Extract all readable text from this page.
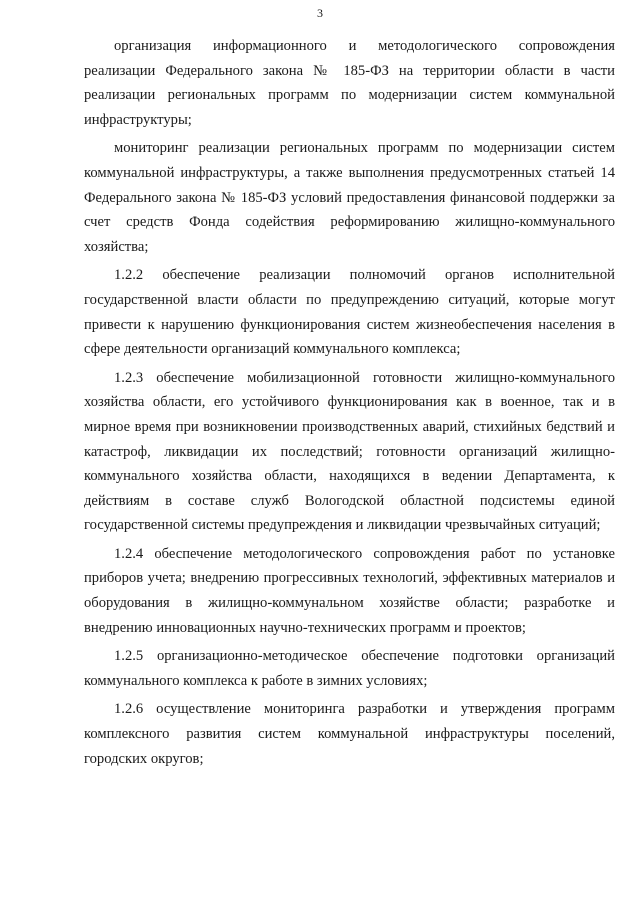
3

организация информационного и методологического сопровождения реализации Федерального закона № 185-ФЗ на территории области в части реализации региональных программ по модернизации систем коммунальной инфраструктуры;

мониторинг реализации региональных программ по модернизации систем коммунальной инфраструктуры, а также выполнения предусмотренных статьей 14 Федерального закона № 185-ФЗ условий предоставления финансовой поддержки за счет средств Фонда содействия реформированию жилищно-коммунального хозяйства;

1.2.2 обеспечение реализации полномочий органов исполнительной государственной власти области по предупреждению ситуаций, которые могут привести к нарушению функционирования систем жизнеобеспечения населения в сфере деятельности организаций коммунального комплекса;

1.2.3 обеспечение мобилизационной готовности жилищно-коммунального хозяйства области, его устойчивого функционирования как в военное, так и в мирное время при возникновении производственных аварий, стихийных бедствий и катастроф, ликвидации их последствий; готовности организаций жилищно-коммунального хозяйства области, находящихся в ведении Департамента, к действиям в составе служб Вологодской областной подсистемы единой государственной системы предупреждения и ликвидации чрезвычайных ситуаций;

1.2.4 обеспечение методологического сопровождения работ по установке приборов учета; внедрению прогрессивных технологий, эффективных материалов и оборудования в жилищно-коммунальном хозяйстве области; разработке и внедрению инновационных научно-технических программ и проектов;

1.2.5 организационно-методическое обеспечение подготовки организаций коммунального комплекса к работе в зимних условиях;

1.2.6 осуществление мониторинга разработки и утверждения программ комплексного развития систем коммунальной инфраструктуры поселений, городских округов;
